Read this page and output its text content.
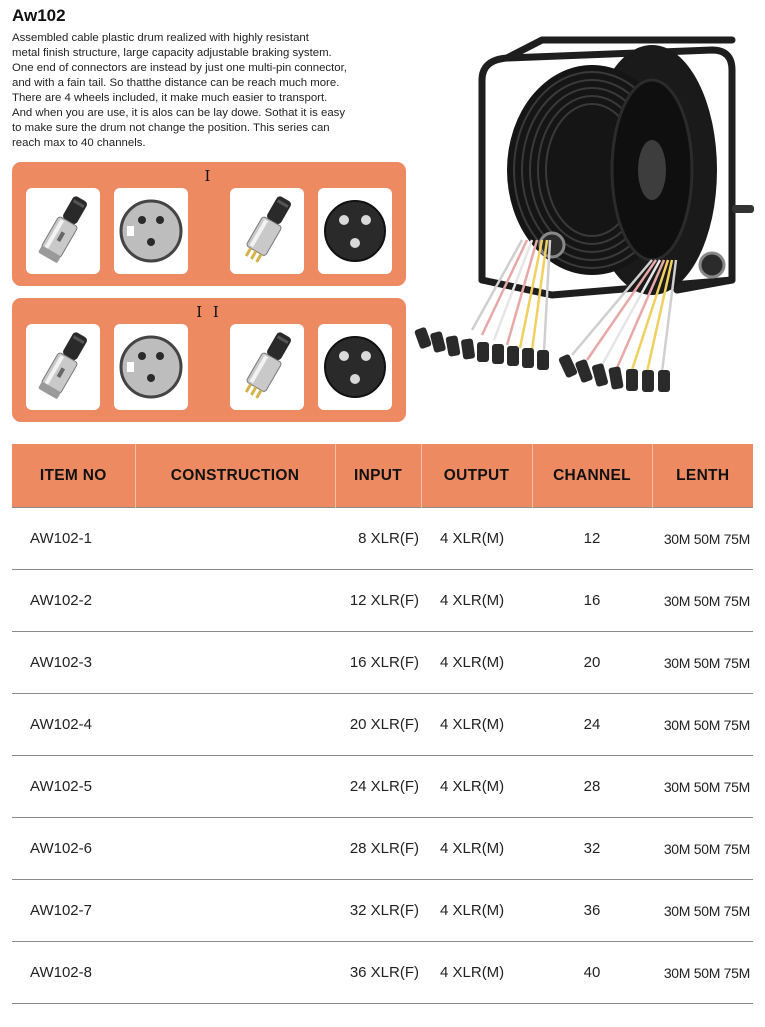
Aw102

Assembled cable plastic drum realized with highly resistant

metal finish structure, large capacity adjustable braking system.

One end of connectors are instead by just one multi-pin connector,

and with a fain tail. So thatthe distance can be reach much more.

There are 4 wheels included, it make much easier to transport.

And when you are use, it is alos can be lay dowe. Sothat it is easy

to make sure the drum not change the position. This series can

reach max to 40 channels.

I
I I
ITEM NO	CONSTRUCTION	INPUT	OUTPUT	CHANNEL	LENTH
AW102-1		8 XLR(F)	4 XLR(M)	12	30M 50M 75M
AW102-2		12 XLR(F)	4 XLR(M)	16	30M 50M 75M
AW102-3		16 XLR(F)	4 XLR(M)	20	30M 50M 75M
AW102-4		20 XLR(F)	4 XLR(M)	24	30M 50M 75M
AW102-5		24 XLR(F)	4 XLR(M)	28	30M 50M 75M
AW102-6		28 XLR(F)	4 XLR(M)	32	30M 50M 75M
AW102-7		32 XLR(F)	4 XLR(M)	36	30M 50M 75M
AW102-8		36 XLR(F)	4 XLR(M)	40	30M 50M 75M
